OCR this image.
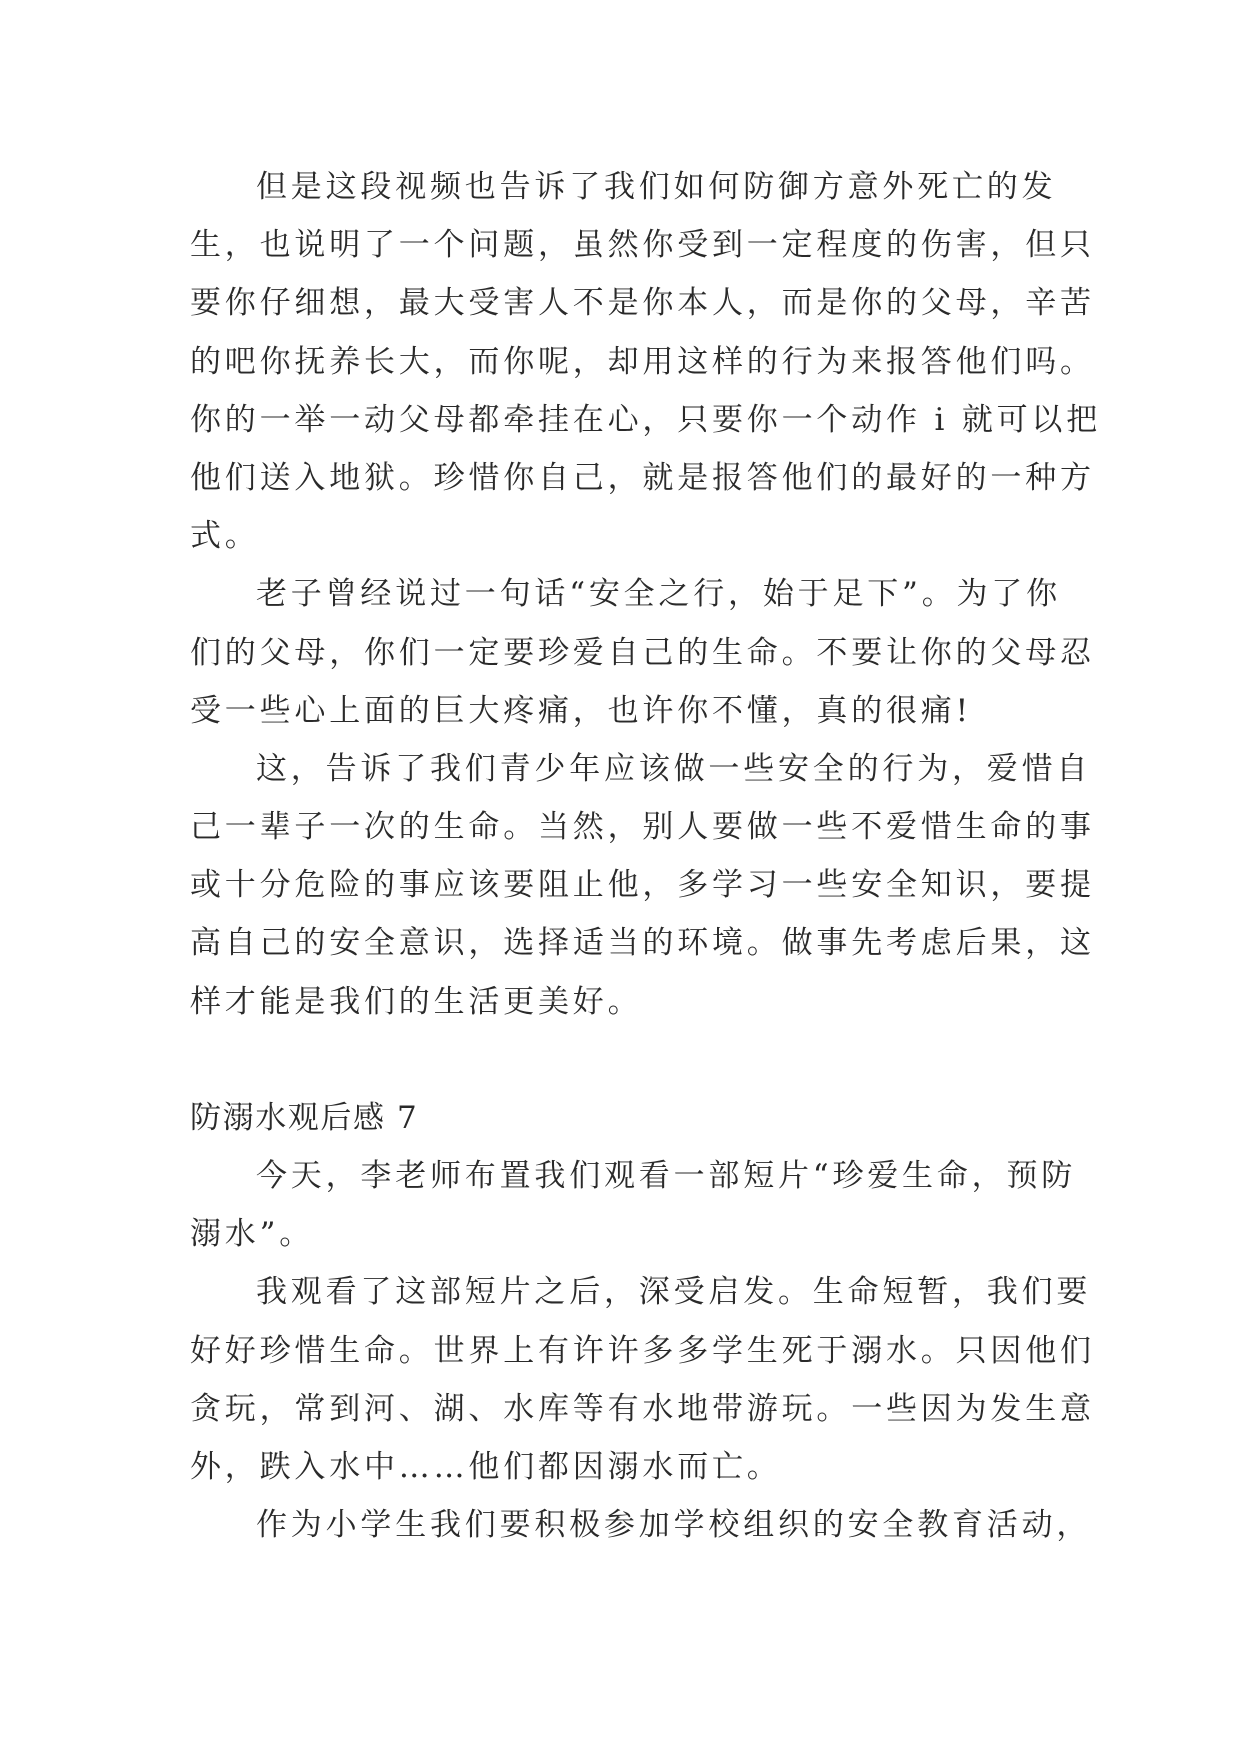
但是这段视频也告诉了我们如何防御方意外死亡的发
生，也说明了一个问题，虽然你受到一定程度的伤害，但只
要你仔细想，最大受害人不是你本人，而是你的父母，辛苦
的吧你抚养长大，而你呢，却用这样的行为来报答他们吗。
你的一举一动父母都牵挂在心，只要你一个动作 i 就可以把
他们送入地狱。珍惜你自己，就是报答他们的最好的一种方
式。
老子曾经说过一句话“安全之行，始于足下”。为了你
们的父母，你们一定要珍爱自己的生命。不要让你的父母忍
受一些心上面的巨大疼痛，也许你不懂，真的很痛!
这，告诉了我们青少年应该做一些安全的行为，爱惜自
己一辈子一次的生命。当然，别人要做一些不爱惜生命的事
或十分危险的事应该要阻止他，多学习一些安全知识，要提
高自己的安全意识，选择适当的环境。做事先考虑后果，这
样才能是我们的生活更美好。
防溺水观后感 7
今天，李老师布置我们观看一部短片“珍爱生命，预防
溺水”。
我观看了这部短片之后，深受启发。生命短暂，我们要
好好珍惜生命。世界上有许许多多学生死于溺水。只因他们
贪玩，常到河、湖、水库等有水地带游玩。一些因为发生意
外，跌入水中……他们都因溺水而亡。
作为小学生我们要积极参加学校组织的安全教育活动，
